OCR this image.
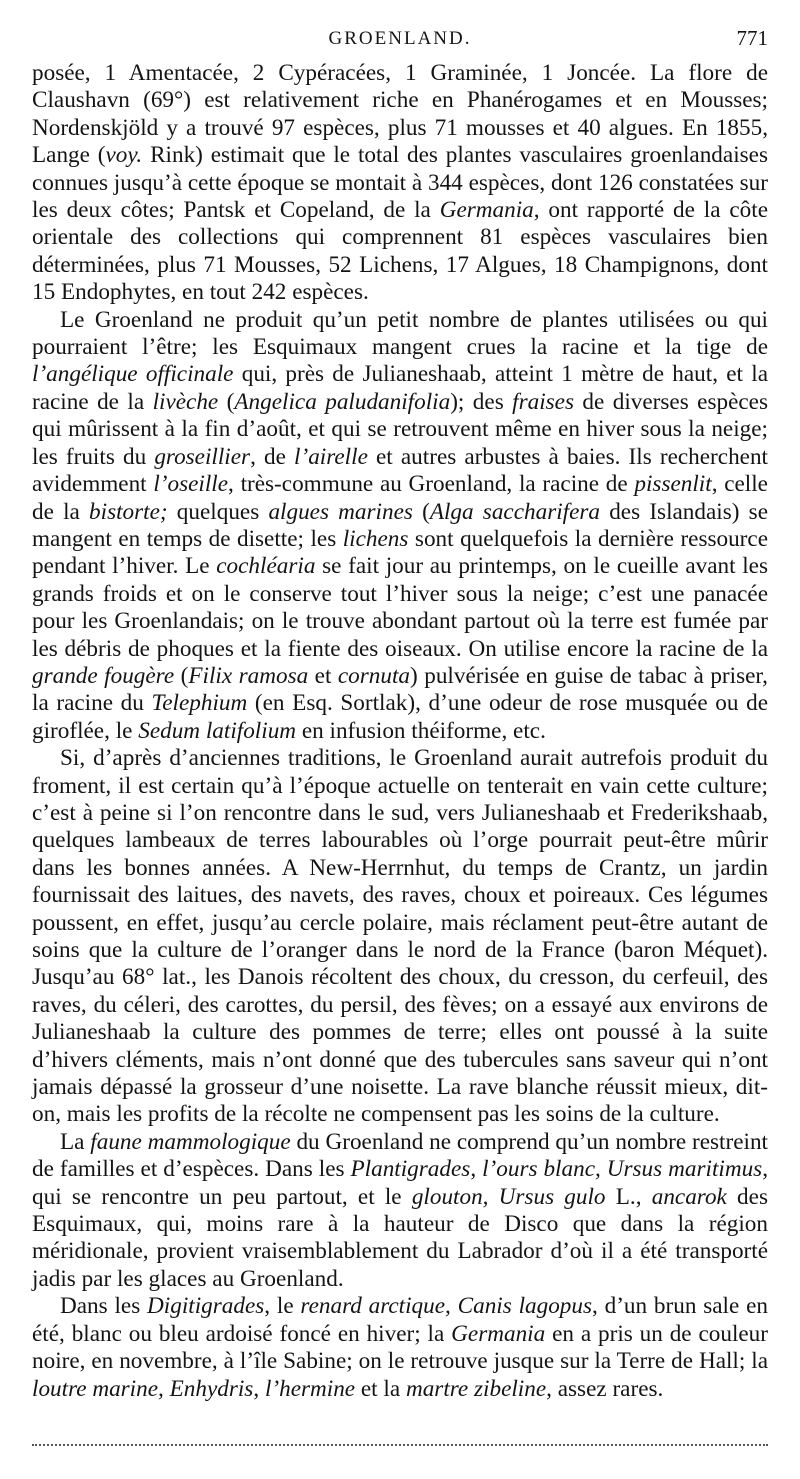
GROENLAND.	771

posée, 1 Amentacée, 2 Cypéracées, 1 Graminée, 1 Joncée. La flore de Claushavn (69°) est relativement riche en Phanérogames et en Mousses; Nordenskjöld y a trouvé 97 espèces, plus 71 mousses et 40 algues. En 1855, Lange (voy. Rink) estimait que le total des plantes vasculaires groenlandaises connues jusqu’à cette époque se montait à 344 espèces, dont 126 constatées sur les deux côtes; Pantsk et Copeland, de la Germania, ont rapporté de la côte orientale des collections qui comprennent 81 espèces vasculaires bien déterminées, plus 71 Mousses, 52 Lichens, 17 Algues, 18 Champignons, dont 15 Endophytes, en tout 242 espèces.

Le Groenland ne produit qu’un petit nombre de plantes utilisées ou qui pourraient l’être; les Esquimaux mangent crues la racine et la tige de l’angélique officinale qui, près de Julianeshaab, atteint 1 mètre de haut, et la racine de la livèche (Angelica paludanifolia); des fraises de diverses espèces qui mûrissent à la fin d’août, et qui se retrouvent même en hiver sous la neige; les fruits du groseillier, de l’airelle et autres arbustes à baies. Ils recherchent avidemment l’oseille, très-commune au Groenland, la racine de pissenlit, celle de la bistorte; quelques algues marines (Alga saccharifera des Islandais) se mangent en temps de disette; les lichens sont quelquefois la dernière ressource pendant l’hiver. Le cochléaria se fait jour au printemps, on le cueille avant les grands froids et on le conserve tout l’hiver sous la neige; c’est une panacée pour les Groenlandais; on le trouve abondant partout où la terre est fumée par les débris de phoques et la fiente des oiseaux. On utilise encore la racine de la grande fougère (Filix ramosa et cornuta) pulvérisée en guise de tabac à priser, la racine du Telephium (en Esq. Sortlak), d’une odeur de rose musquée ou de giroflée, le Sedum latifolium en infusion théiforme, etc.

Si, d’après d’anciennes traditions, le Groenland aurait autrefois produit du froment, il est certain qu’à l’époque actuelle on tenterait en vain cette culture; c’est à peine si l’on rencontre dans le sud, vers Julianeshaab et Frederikshaab, quelques lambeaux de terres labourables où l’orge pourrait peut-être mûrir dans les bonnes années. A New-Herrnhut, du temps de Crantz, un jardin fournissait des laitues, des navets, des raves, choux et poireaux. Ces légumes poussent, en effet, jusqu’au cercle polaire, mais réclament peut-être autant de soins que la culture de l’oranger dans le nord de la France (baron Méquet). Jusqu’au 68° lat., les Danois récoltent des choux, du cresson, du cerfeuil, des raves, du céleri, des carottes, du persil, des fèves; on a essayé aux environs de Julianeshaab la culture des pommes de terre; elles ont poussé à la suite d’hivers cléments, mais n’ont donné que des tubercules sans saveur qui n’ont jamais dépassé la grosseur d’une noisette. La rave blanche réussit mieux, dit-on, mais les profits de la récolte ne compensent pas les soins de la culture.

La faune mammologique du Groenland ne comprend qu’un nombre restreint de familles et d’espèces. Dans les Plantigrades, l’ours blanc, Ursus maritimus, qui se rencontre un peu partout, et le glouton, Ursus gulo L., ancarok des Esquimaux, qui, moins rare à la hauteur de Disco que dans la région méridionale, provient vraisemblablement du Labrador d’où il a été transporté jadis par les glaces au Groenland.

Dans les Digitigrades, le renard arctique, Canis lagopus, d’un brun sale en été, blanc ou bleu ardoisé foncé en hiver; la Germania en a pris un de couleur noire, en novembre, à l’île Sabine; on le retrouve jusque sur la Terre de Hall; la loutre marine, Enhydris, l’hermine et la martre zibeline, assez rares.
